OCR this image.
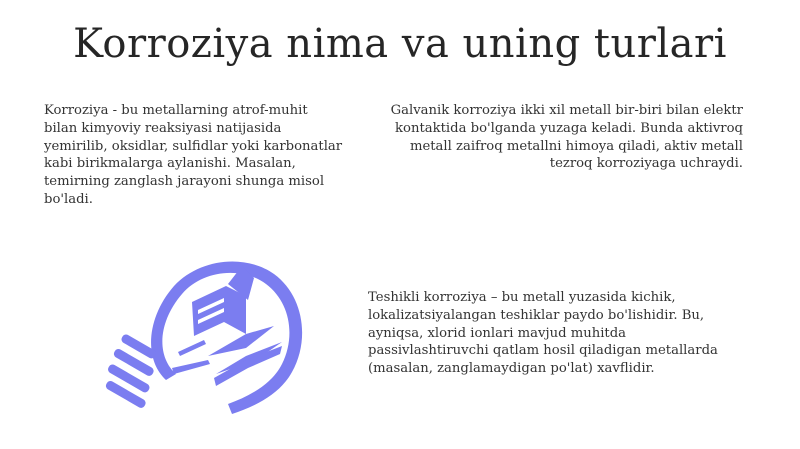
Korroziya nima va uning turlari

Korroziya - bu metallarning atrof-muhit bilan kimyoviy reaksiyasi natijasida yemirilib, oksidlar, sulfidlar yoki karbonatlar kabi birikmalarga aylanishi. Masalan, temirning zanglash jarayoni shunga misol bo'ladi.

Galvanik korroziya ikki xil metall bir-biri bilan elektr kontaktida bo'lganda yuzaga keladi. Bunda aktivroq metall zaifroq metallni himoya qiladi, aktiv metall tezroq korroziyaga uchraydi.

Teshikli korroziya – bu metall yuzasida kichik, lokalizatsiyalangan teshiklar paydo bo'lishidir. Bu, ayniqsa, xlorid ionlari mavjud muhitda passivlashtiruvchi qatlam hosil qiladigan metallarda (masalan, zanglamaydigan po'lat) xavflidir.
